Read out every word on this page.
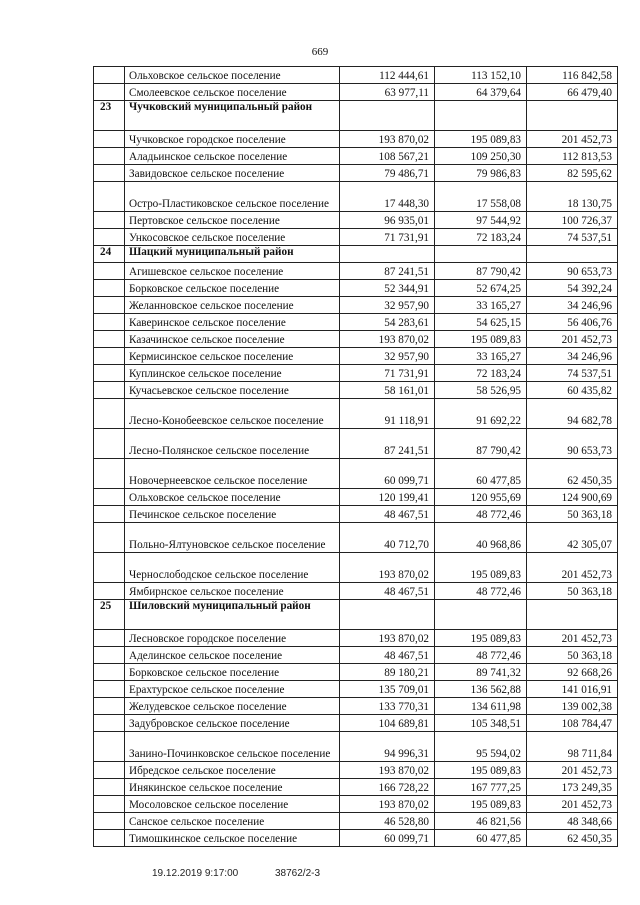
669
	Ольховское сельское поселение	112 444,61	113 152,10	116 842,58
	Смолеевское сельское поселение	63 977,11	64 379,64	66 479,40
23	Чучковский муниципальный район			
	Чучковское городское поселение	193 870,02	195 089,83	201 452,73
	Аладьинское сельское поселение	108 567,21	109 250,30	112 813,53
	Завидовское сельское поселение	79 486,71	79 986,83	82 595,62
	Остро-Пластиковское сельское поселение	17 448,30	17 558,08	18 130,75
	Пертовское сельское поселение	96 935,01	97 544,92	100 726,37
	Ункосовское сельское поселение	71 731,91	72 183,24	74 537,51
24	Шацкий муниципальный район			
	Агишевское сельское поселение	87 241,51	87 790,42	90 653,73
	Борковское сельское поселение	52 344,91	52 674,25	54 392,24
	Желанновское сельское поселение	32 957,90	33 165,27	34 246,96
	Каверинское сельское поселение	54 283,61	54 625,15	56 406,76
	Казачинское сельское поселение	193 870,02	195 089,83	201 452,73
	Кермисинское сельское поселение	32 957,90	33 165,27	34 246,96
	Куплинское сельское поселение	71 731,91	72 183,24	74 537,51
	Кучасьевское сельское поселение	58 161,01	58 526,95	60 435,82
	Лесно-Конобеевское сельское поселение	91 118,91	91 692,22	94 682,78
	Лесно-Полянское сельское поселение	87 241,51	87 790,42	90 653,73
	Новочернеевское сельское поселение	60 099,71	60 477,85	62 450,35
	Ольховское сельское поселение	120 199,41	120 955,69	124 900,69
	Печинское сельское поселение	48 467,51	48 772,46	50 363,18
	Польно-Ялтуновское сельское поселение	40 712,70	40 968,86	42 305,07
	Чернослободское сельское поселение	193 870,02	195 089,83	201 452,73
	Ямбирнское сельское поселение	48 467,51	48 772,46	50 363,18
25	Шиловский муниципальный район			
	Лесновское городское поселение	193 870,02	195 089,83	201 452,73
	Аделинское сельское поселение	48 467,51	48 772,46	50 363,18
	Борковское сельское поселение	89 180,21	89 741,32	92 668,26
	Ерахтурское сельское поселение	135 709,01	136 562,88	141 016,91
	Желудевское сельское поселение	133 770,31	134 611,98	139 002,38
	Задубровское сельское поселение	104 689,81	105 348,51	108 784,47
	Занино-Починковское сельское поселение	94 996,31	95 594,02	98 711,84
	Ибредское сельское поселение	193 870,02	195 089,83	201 452,73
	Инякинское сельское поселение	166 728,22	167 777,25	173 249,35
	Мосоловское сельское поселение	193 870,02	195 089,83	201 452,73
	Санское сельское поселение	46 528,80	46 821,56	48 348,66
	Тимошкинское сельское поселение	60 099,71	60 477,85	62 450,35
19.12.2019 9:17:00	38762/2-3
